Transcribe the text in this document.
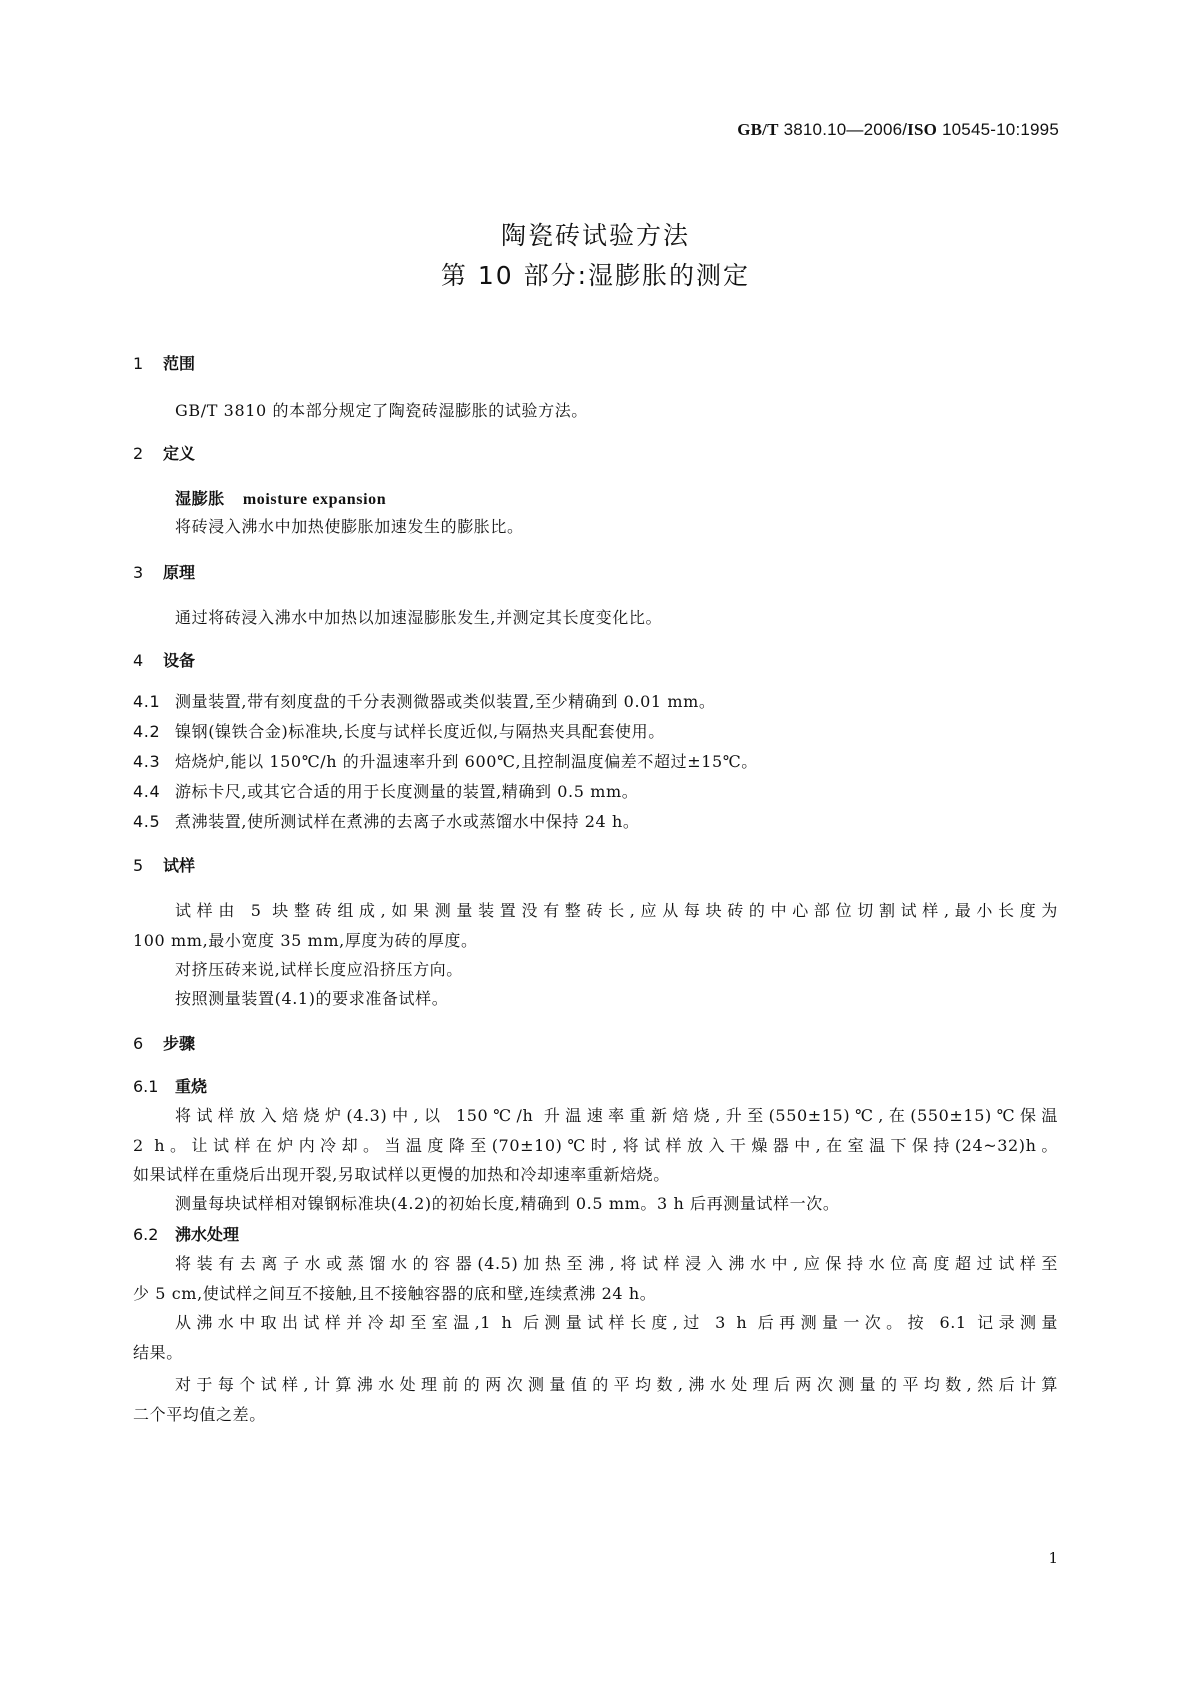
GB/T 3810.10—2006/ISO 10545-10:1995
陶瓷砖试验方法
第 10 部分:湿膨胀的测定
1 范围
GB/T 3810 的本部分规定了陶瓷砖湿膨胀的试验方法。
2 定义
湿膨胀 moisture expansion
将砖浸入沸水中加热使膨胀加速发生的膨胀比。
3 原理
通过将砖浸入沸水中加热以加速湿膨胀发生,并测定其长度变化比。
4 设备
4.1 测量装置,带有刻度盘的千分表测微器或类似装置,至少精确到 0.01 mm。
4.2 镍钢(镍铁合金)标准块,长度与试样长度近似,与隔热夹具配套使用。
4.3 焙烧炉,能以 150℃/h 的升温速率升到 600℃,且控制温度偏差不超过±15℃。
4.4 游标卡尺,或其它合适的用于长度测量的装置,精确到 0.5 mm。
4.5 煮沸装置,使所测试样在煮沸的去离子水或蒸馏水中保持 24 h。
5 试样
试样由 5 块整砖组成,如果测量装置没有整砖长,应从每块砖的中心部位切割试样,最小长度为
100 mm,最小宽度 35 mm,厚度为砖的厚度。
对挤压砖来说,试样长度应沿挤压方向。
按照测量装置(4.1)的要求准备试样。
6 步骤
6.1 重烧
将试样放入焙烧炉(4.3)中,以 150℃/h 升温速率重新焙烧,升至(550±15)℃,在(550±15)℃保温
2 h。让试样在炉内冷却。当温度降至(70±10)℃时,将试样放入干燥器中,在室温下保持(24~32)h。
如果试样在重烧后出现开裂,另取试样以更慢的加热和冷却速率重新焙烧。
测量每块试样相对镍钢标准块(4.2)的初始长度,精确到 0.5 mm。3 h 后再测量试样一次。
6.2 沸水处理
将装有去离子水或蒸馏水的容器(4.5)加热至沸,将试样浸入沸水中,应保持水位高度超过试样至
少 5 cm,使试样之间互不接触,且不接触容器的底和壁,连续煮沸 24 h。
从沸水中取出试样并冷却至室温,1 h 后测量试样长度,过 3 h 后再测量一次。按 6.1 记录测量
结果。
对于每个试样,计算沸水处理前的两次测量值的平均数,沸水处理后两次测量的平均数,然后计算
二个平均值之差。
1
